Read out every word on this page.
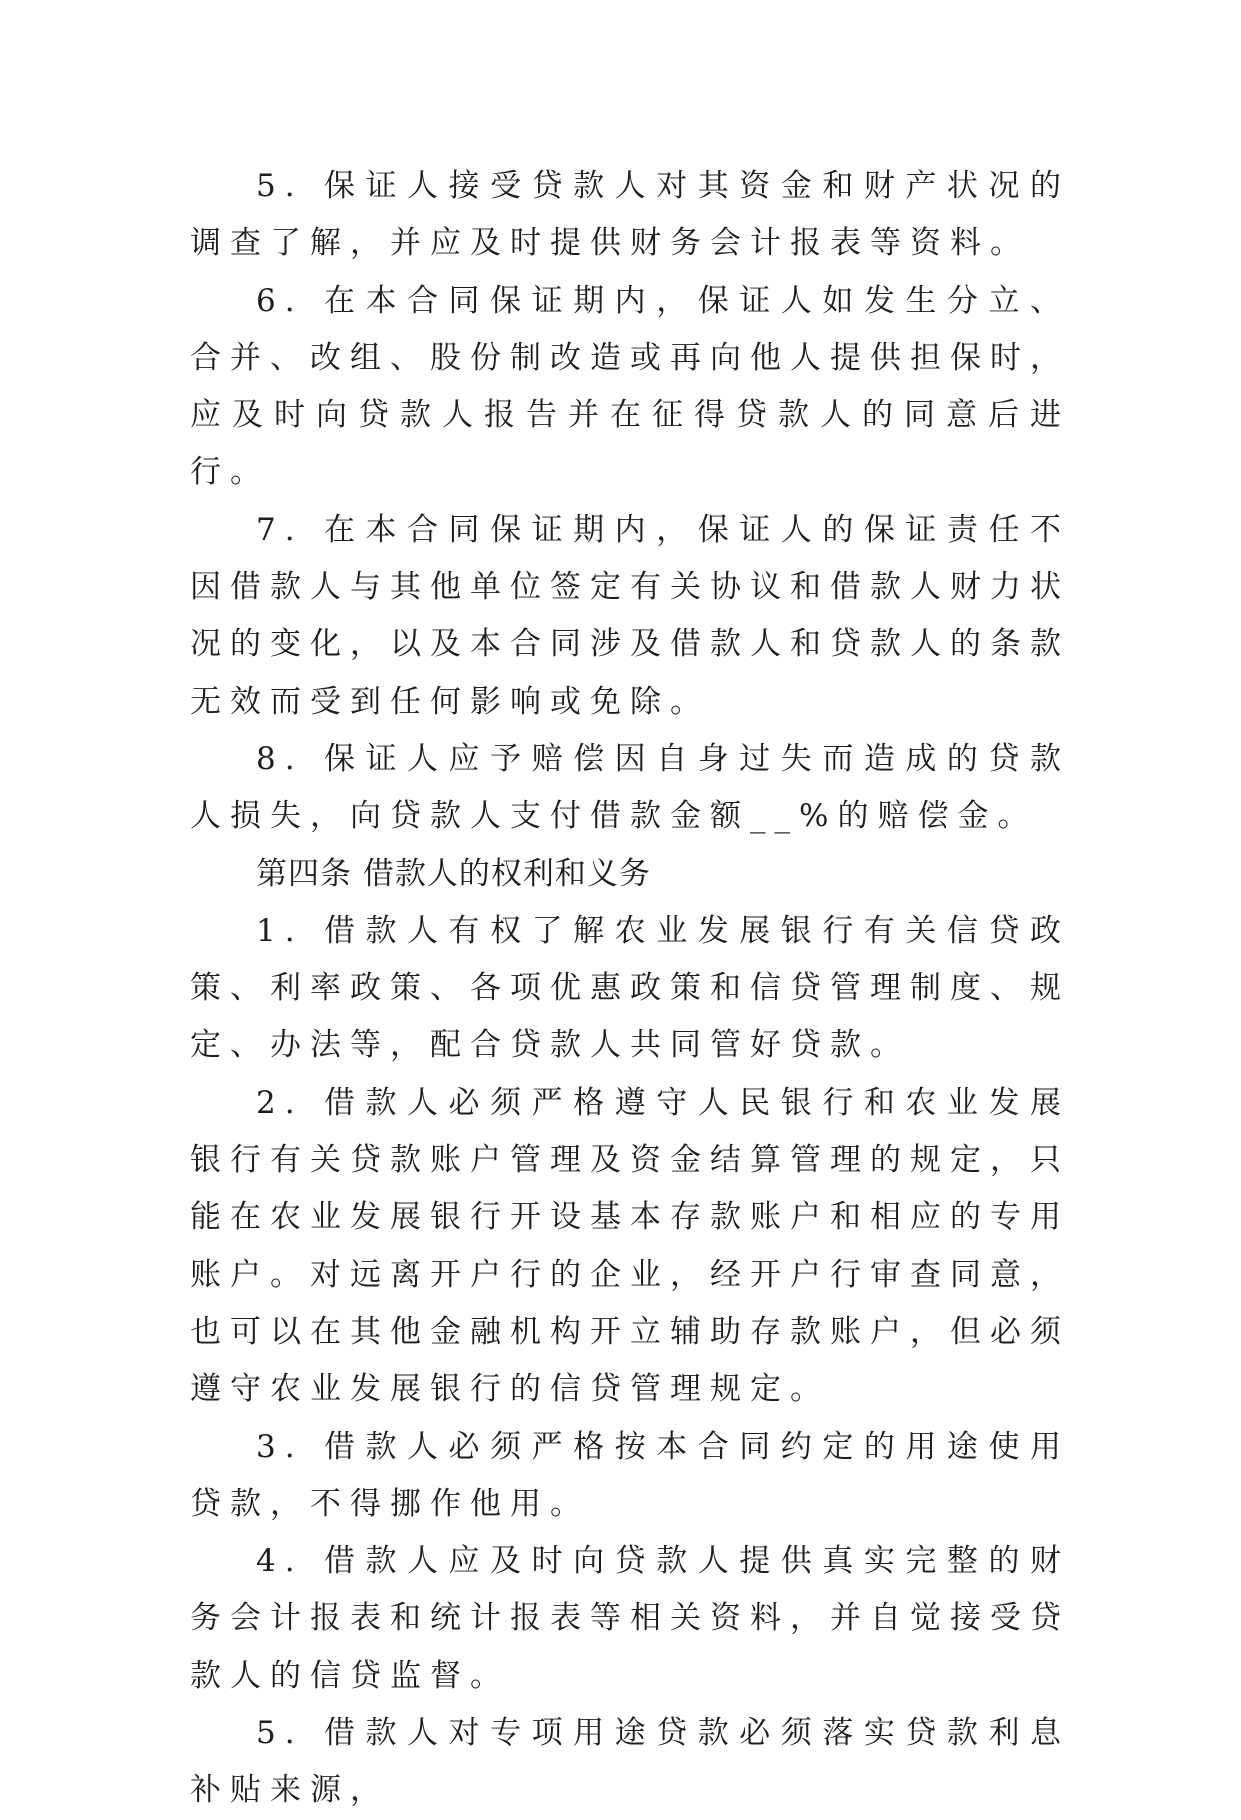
5. 保证人接受贷款人对其资金和财产状况的调查了解，并应及时提供财务会计报表等资料。

6. 在本合同保证期内，保证人如发生分立、合并、改组、股份制改造或再向他人提供担保时，应及时向贷款人报告并在征得贷款人的同意后进行。

7. 在本合同保证期内，保证人的保证责任不因借款人与其他单位签定有关协议和借款人财力状况的变化，以及本合同涉及借款人和贷款人的条款无效而受到任何影响或免除。

8. 保证人应予赔偿因自身过失而造成的贷款人损失，向贷款人支付借款金额__%的赔偿金。

第四条 借款人的权利和义务

1. 借款人有权了解农业发展银行有关信贷政策、利率政策、各项优惠政策和信贷管理制度、规定、办法等，配合贷款人共同管好贷款。

2. 借款人必须严格遵守人民银行和农业发展银行有关贷款账户管理及资金结算管理的规定，只能在农业发展银行开设基本存款账户和相应的专用账户。对远离开户行的企业，经开户行审查同意，也可以在其他金融机构开立辅助存款账户，但必须遵守农业发展银行的信贷管理规定。

3. 借款人必须严格按本合同约定的用途使用贷款，不得挪作他用。

4. 借款人应及时向贷款人提供真实完整的财务会计报表和统计报表等相关资料，并自觉接受贷款人的信贷监督。

5. 借款人对专项用途贷款必须落实贷款利息补贴来源，
